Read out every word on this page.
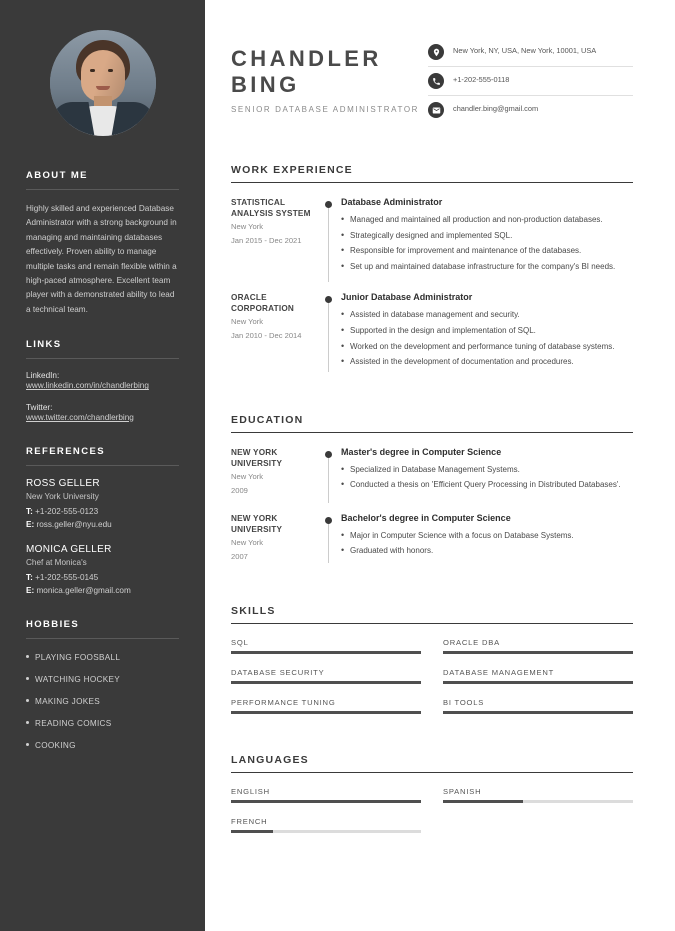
ABOUT ME
Highly skilled and experienced Database Administrator with a strong background in managing and maintaining databases effectively. Proven ability to manage multiple tasks and remain flexible within a high-paced atmosphere. Excellent team player with a demonstrated ability to lead a technical team.
LINKS
LinkedIn:
www.linkedin.com/in/chandlerbing
Twitter:
www.twitter.com/chandlerbing
REFERENCES
ROSS GELLER
New York University
T: +1-202-555-0123
E: ross.geller@nyu.edu
MONICA GELLER
Chef at Monica's
T: +1-202-555-0145
E: monica.geller@gmail.com
HOBBIES
PLAYING FOOSBALL
WATCHING HOCKEY
MAKING JOKES
READING COMICS
COOKING
CHANDLER
BING
SENIOR DATABASE ADMINISTRATOR
New York, NY, USA, New York, 10001, USA
+1-202-555-0118
chandler.bing@gmail.com
WORK EXPERIENCE
STATISTICAL ANALYSIS SYSTEM
New York
Jan 2015 - Dec 2021
Database Administrator
• Managed and maintained all production and non-production databases.
• Strategically designed and implemented SQL.
• Responsible for improvement and maintenance of the databases.
• Set up and maintained database infrastructure for the company's BI needs.
ORACLE CORPORATION
New York
Jan 2010 - Dec 2014
Junior Database Administrator
• Assisted in database management and security.
• Supported in the design and implementation of SQL.
• Worked on the development and performance tuning of database systems.
• Assisted in the development of documentation and procedures.
EDUCATION
NEW YORK UNIVERSITY
New York
2009
Master's degree in Computer Science
• Specialized in Database Management Systems.
• Conducted a thesis on 'Efficient Query Processing in Distributed Databases'.
NEW YORK UNIVERSITY
New York
2007
Bachelor's degree in Computer Science
• Major in Computer Science with a focus on Database Systems.
• Graduated with honors.
SKILLS
SQL	ORACLE DBA
DATABASE SECURITY	DATABASE MANAGEMENT
PERFORMANCE TUNING	BI TOOLS
LANGUAGES
ENGLISH	SPANISH
FRENCH
